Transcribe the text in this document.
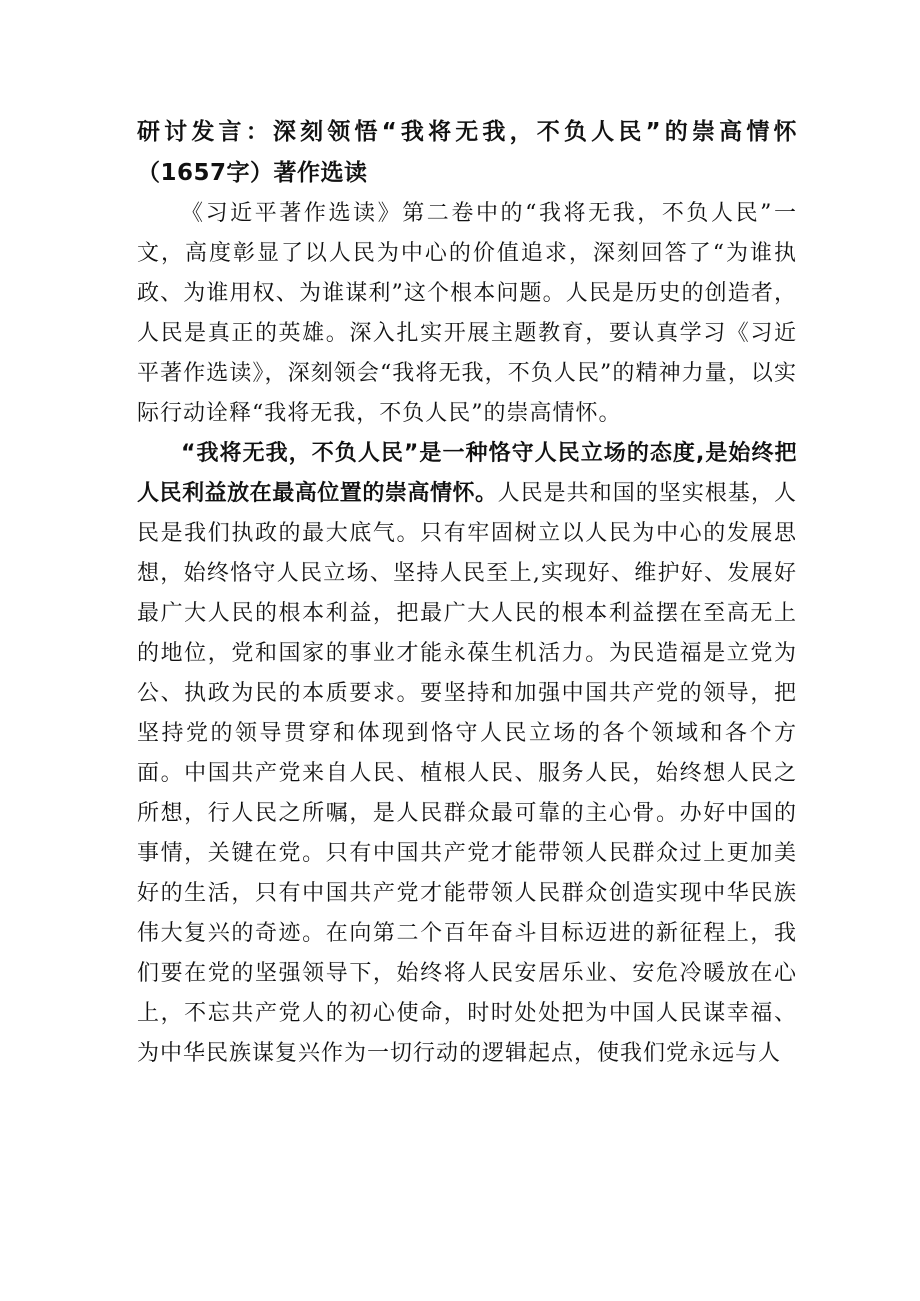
研讨发言：深刻领悟“我将无我，不负人民”的崇高情怀（1657字）著作选读

《习近平著作选读》第二卷中的“我将无我，不负人民”一文，高度彰显了以人民为中心的价值追求，深刻回答了“为谁执政、为谁用权、为谁谋利”这个根本问题。人民是历史的创造者，人民是真正的英雄。深入扎实开展主题教育，要认真学习《习近平著作选读》，深刻领会“我将无我，不负人民”的精神力量，以实际行动诠释“我将无我，不负人民”的崇高情怀。

“我将无我，不负人民”是一种恪守人民立场的态度,是始终把人民利益放在最高位置的崇高情怀。人民是共和国的坚实根基，人民是我们执政的最大底气。只有牢固树立以人民为中心的发展思想，始终恪守人民立场、坚持人民至上,实现好、维护好、发展好最广大人民的根本利益，把最广大人民的根本利益摆在至高无上的地位，党和国家的事业才能永葆生机活力。为民造福是立党为公、执政为民的本质要求。要坚持和加强中国共产党的领导，把坚持党的领导贯穿和体现到恪守人民立场的各个领域和各个方面。中国共产党来自人民、植根人民、服务人民，始终想人民之所想，行人民之所嘱，是人民群众最可靠的主心骨。办好中国的事情，关键在党。只有中国共产党才能带领人民群众过上更加美好的生活，只有中国共产党才能带领人民群众创造实现中华民族伟大复兴的奇迹。在向第二个百年奋斗目标迈进的新征程上，我们要在党的坚强领导下，始终将人民安居乐业、安危冷暖放在心上，不忘共产党人的初心使命，时时处处把为中国人民谋幸福、为中华民族谋复兴作为一切行动的逻辑起点，使我们党永远与人
